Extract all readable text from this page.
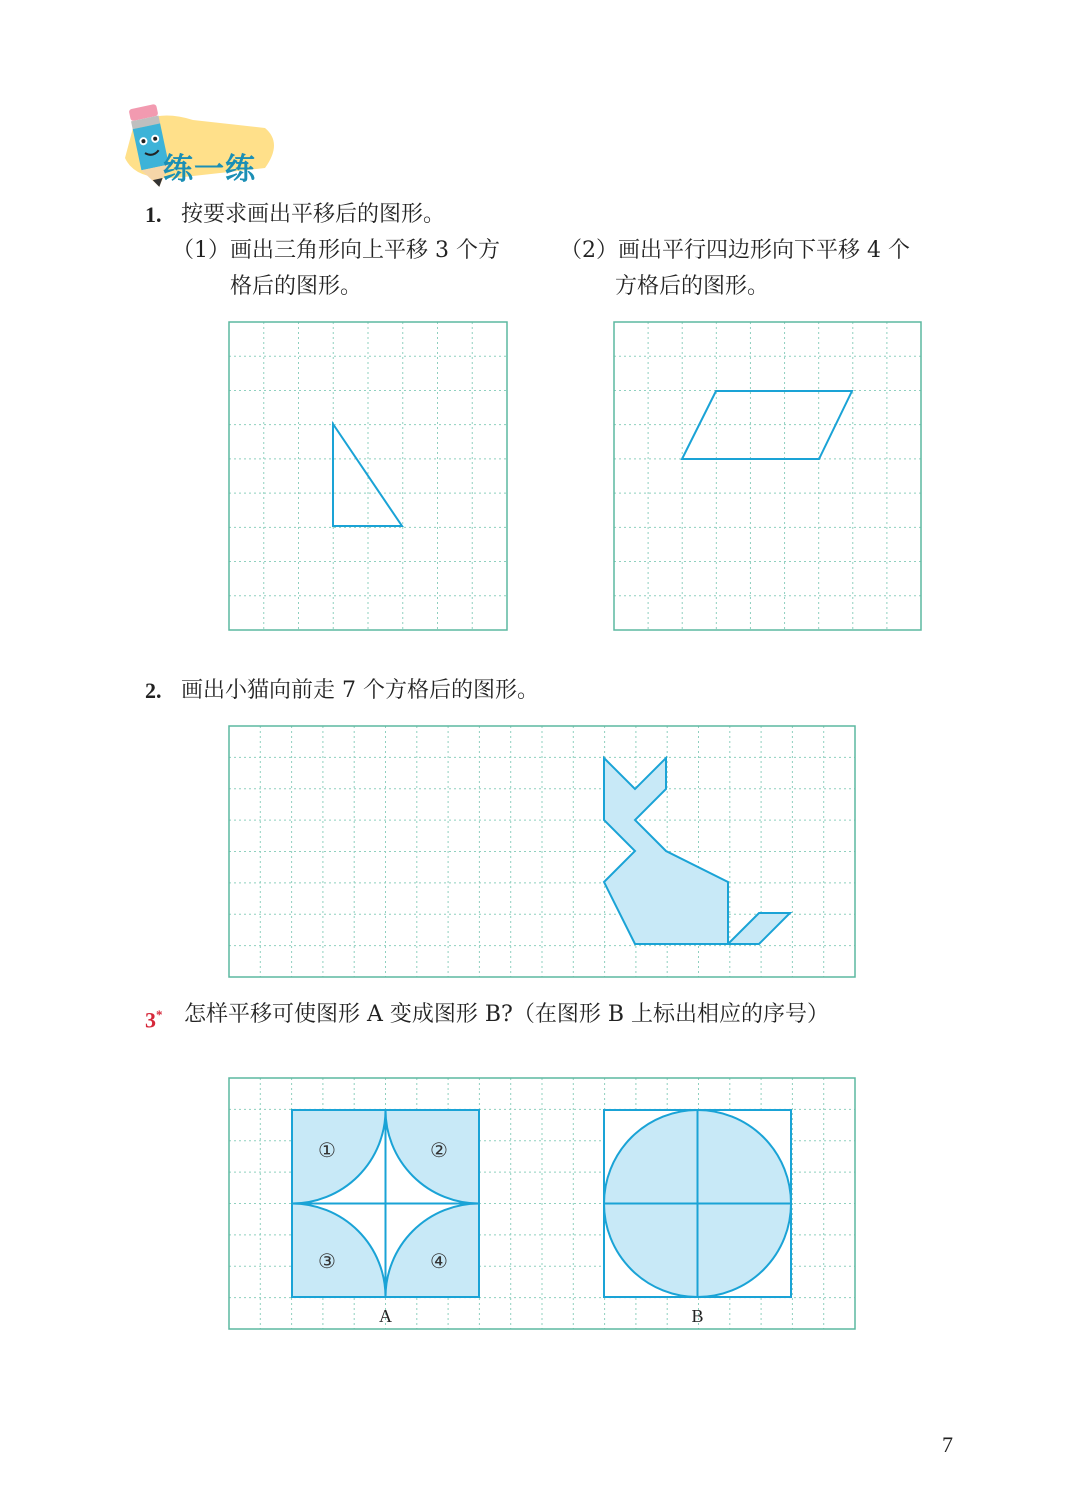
练一练
1. 按要求画出平移后的图形。
（1）画出三角形向上平移 3 个方
格后的图形。
（2）画出平行四边形向下平移 4 个
方格后的图形。
2. 画出小猫向前走 7 个方格后的图形。
3* 怎样平移可使图形 A 变成图形 B?（在图形 B 上标出相应的序号）
①	②
③	④
A	B
7
